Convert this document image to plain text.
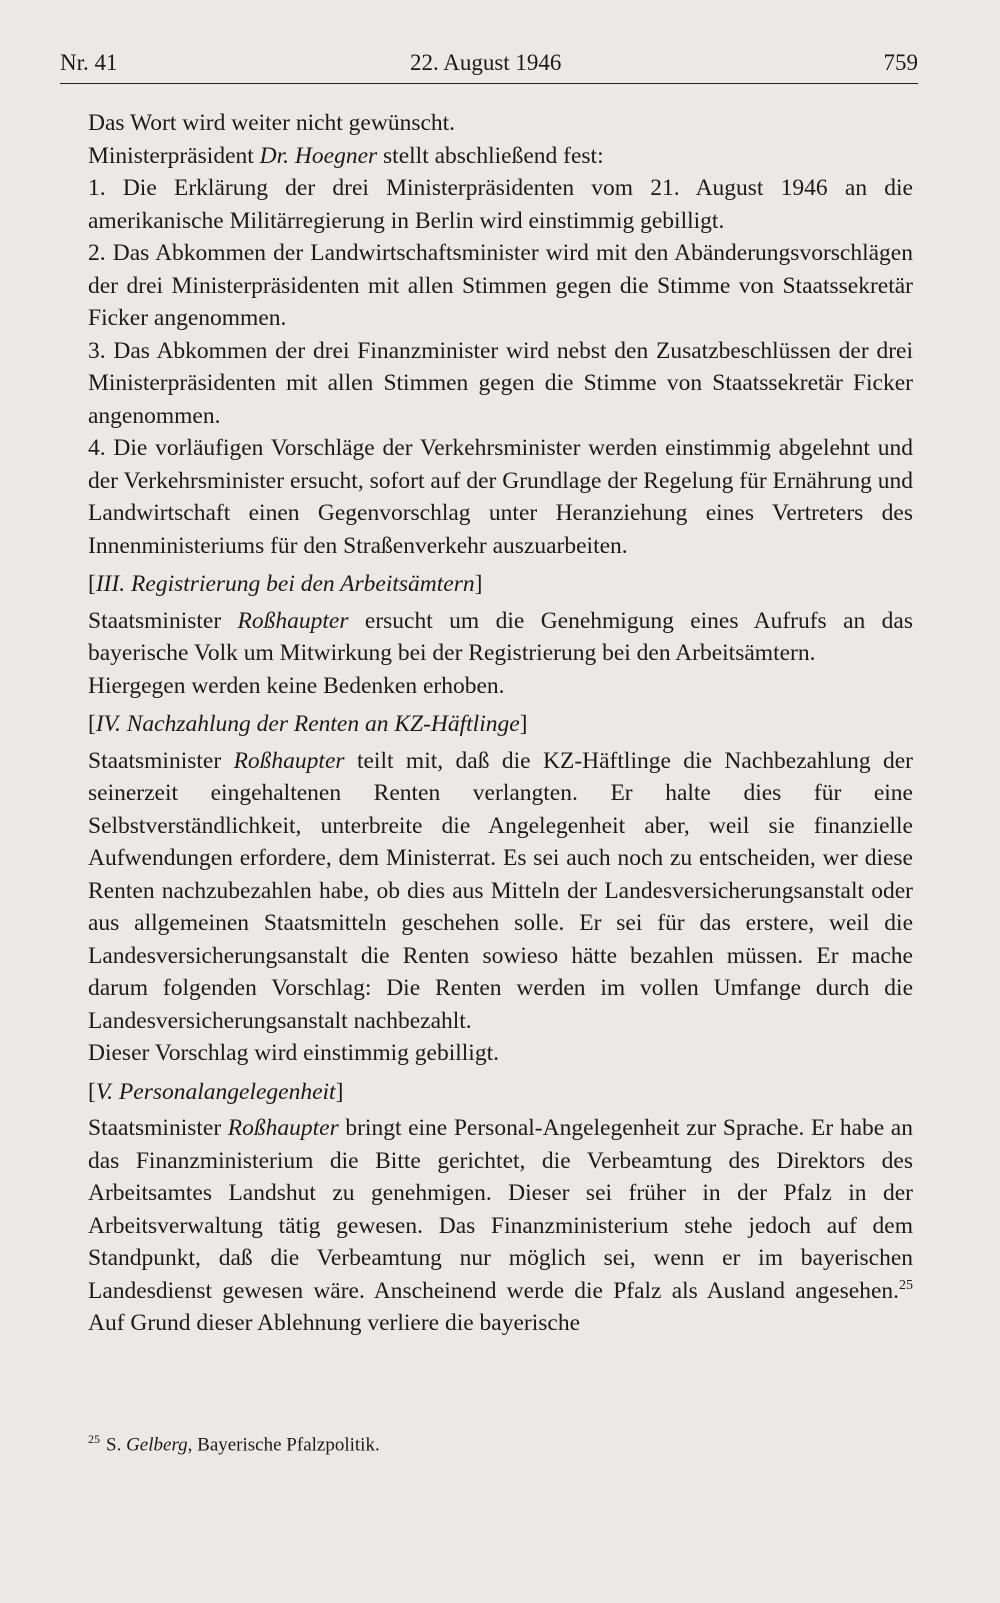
Nr. 41	22. August 1946	759

Das Wort wird weiter nicht gewünscht.

Ministerpräsident Dr. Hoegner stellt abschließend fest:

1. Die Erklärung der drei Ministerpräsidenten vom 21. August 1946 an die amerikanische Militärregierung in Berlin wird einstimmig gebilligt.

2. Das Abkommen der Landwirtschaftsminister wird mit den Abänderungsvorschlägen der drei Ministerpräsidenten mit allen Stimmen gegen die Stimme von Staatssekretär Ficker angenommen.

3. Das Abkommen der drei Finanzminister wird nebst den Zusatzbeschlüssen der drei Ministerpräsidenten mit allen Stimmen gegen die Stimme von Staatssekretär Ficker angenommen.

4. Die vorläufigen Vorschläge der Verkehrsminister werden einstimmig abgelehnt und der Verkehrsminister ersucht, sofort auf der Grundlage der Regelung für Ernährung und Landwirtschaft einen Gegenvorschlag unter Heranziehung eines Vertreters des Innenministeriums für den Straßenverkehr auszuarbeiten.

[III. Registrierung bei den Arbeitsämtern]

Staatsminister Roßhaupter ersucht um die Genehmigung eines Aufrufs an das bayerische Volk um Mitwirkung bei der Registrierung bei den Arbeitsämtern.

Hiergegen werden keine Bedenken erhoben.

[IV. Nachzahlung der Renten an KZ-Häftlinge]

Staatsminister Roßhaupter teilt mit, daß die KZ-Häftlinge die Nachbezahlung der seinerzeit eingehaltenen Renten verlangten. Er halte dies für eine Selbstverständlichkeit, unterbreite die Angelegenheit aber, weil sie finanzielle Aufwendungen erfordere, dem Ministerrat. Es sei auch noch zu entscheiden, wer diese Renten nachzubezahlen habe, ob dies aus Mitteln der Landesversicherungsanstalt oder aus allgemeinen Staatsmitteln geschehen solle. Er sei für das erstere, weil die Landesversicherungsanstalt die Renten sowieso hätte bezahlen müssen. Er mache darum folgenden Vorschlag: Die Renten werden im vollen Umfange durch die Landesversicherungsanstalt nachbezahlt.

Dieser Vorschlag wird einstimmig gebilligt.

[V. Personalangelegenheit]

Staatsminister Roßhaupter bringt eine Personal-Angelegenheit zur Sprache. Er habe an das Finanzministerium die Bitte gerichtet, die Verbeamtung des Direktors des Arbeitsamtes Landshut zu genehmigen. Dieser sei früher in der Pfalz in der Arbeitsverwaltung tätig gewesen. Das Finanzministerium stehe jedoch auf dem Standpunkt, daß die Verbeamtung nur möglich sei, wenn er im bayerischen Landesdienst gewesen wäre. Anscheinend werde die Pfalz als Ausland angesehen.$^{25}$ Auf Grund dieser Ablehnung verliere die bayerische

$^{25}$ S. Gelberg, Bayerische Pfalzpolitik.
